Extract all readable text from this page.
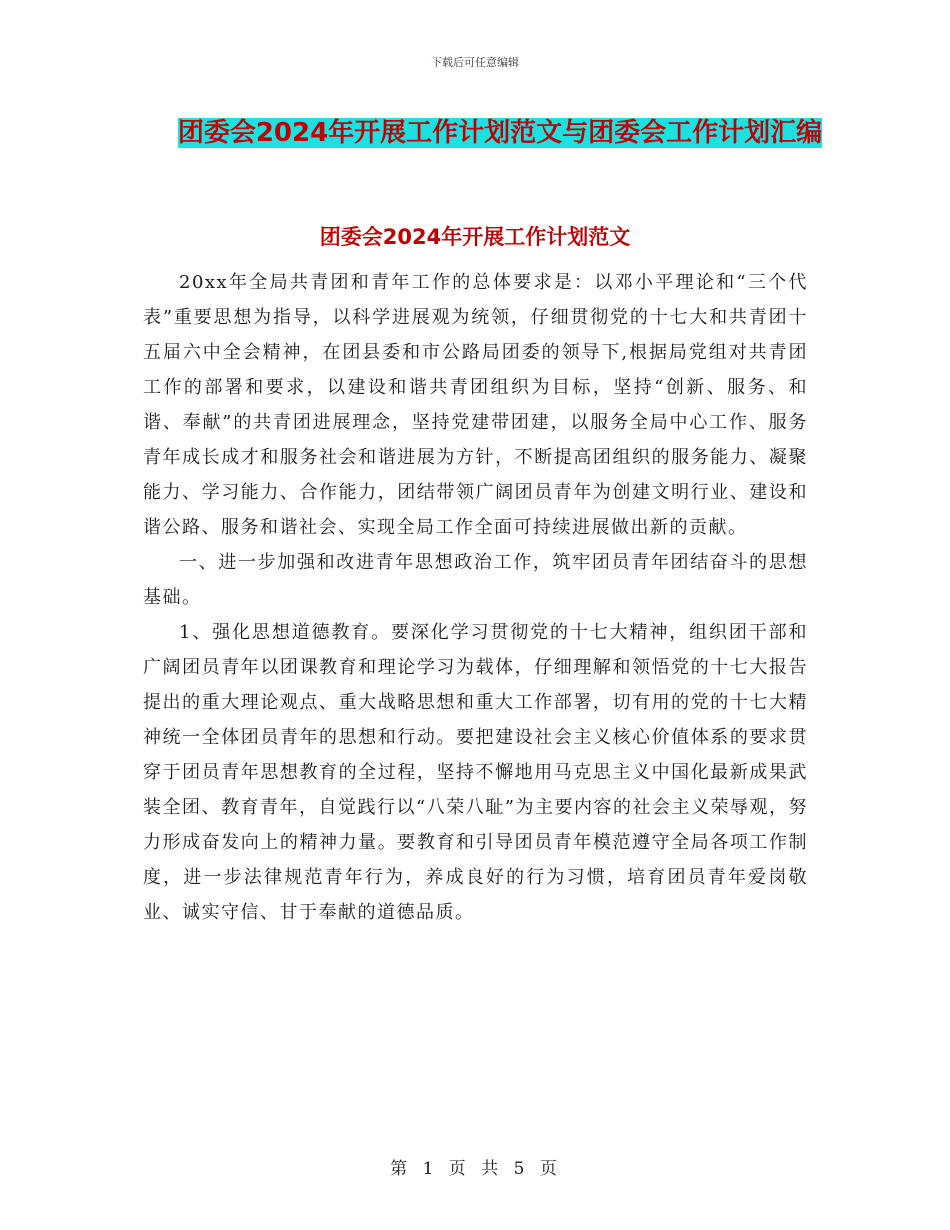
下载后可任意编辑
团委会2024年开展工作计划范文与团委会工作计划汇编
团委会2024年开展工作计划范文

20xx年全局共青团和青年工作的总体要求是：以邓小平理论和“三个代表”重要思想为指导，以科学进展观为统领，仔细贯彻党的十七大和共青团十五届六中全会精神，在团县委和市公路局团委的领导下,根据局党组对共青团工作的部署和要求，以建设和谐共青团组织为目标，坚持“创新、服务、和谐、奉献”的共青团进展理念，坚持党建带团建，以服务全局中心工作、服务青年成长成才和服务社会和谐进展为方针，不断提高团组织的服务能力、凝聚能力、学习能力、合作能力，团结带领广阔团员青年为创建文明行业、建设和谐公路、服务和谐社会、实现全局工作全面可持续进展做出新的贡献。

一、进一步加强和改进青年思想政治工作，筑牢团员青年团结奋斗的思想基础。

1、强化思想道德教育。要深化学习贯彻党的十七大精神，组织团干部和广阔团员青年以团课教育和理论学习为载体，仔细理解和领悟党的十七大报告提出的重大理论观点、重大战略思想和重大工作部署，切有用的党的十七大精神统一全体团员青年的思想和行动。要把建设社会主义核心价值体系的要求贯穿于团员青年思想教育的全过程，坚持不懈地用马克思主义中国化最新成果武装全团、教育青年，自觉践行以“八荣八耻”为主要内容的社会主义荣辱观，努力形成奋发向上的精神力量。要教育和引导团员青年模范遵守全局各项工作制度，进一步法律规范青年行为，养成良好的行为习惯，培育团员青年爱岗敬业、诚实守信、甘于奉献的道德品质。

第 1 页 共 5 页
